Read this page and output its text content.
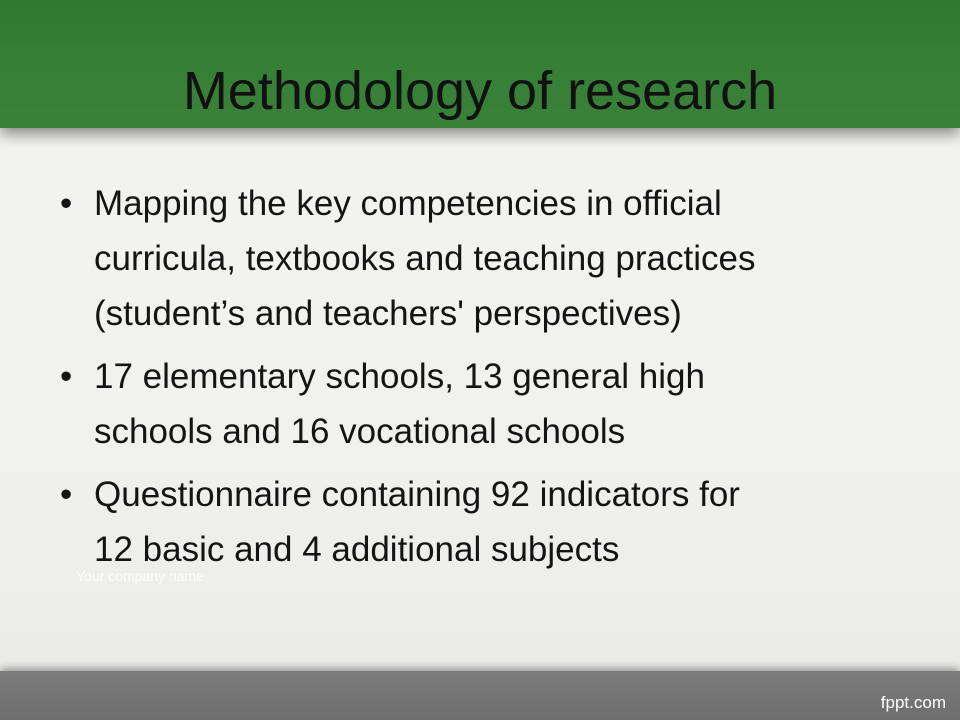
Methodology of research
• Mapping the key competencies in official
curricula, textbooks and teaching practices
(student’s and teachers' perspectives)
• 17 elementary schools, 13 general high
schools and 16 vocational schools
• Questionnaire containing 92 indicators for
12 basic and 4 additional subjects
Your company name
fppt.com
